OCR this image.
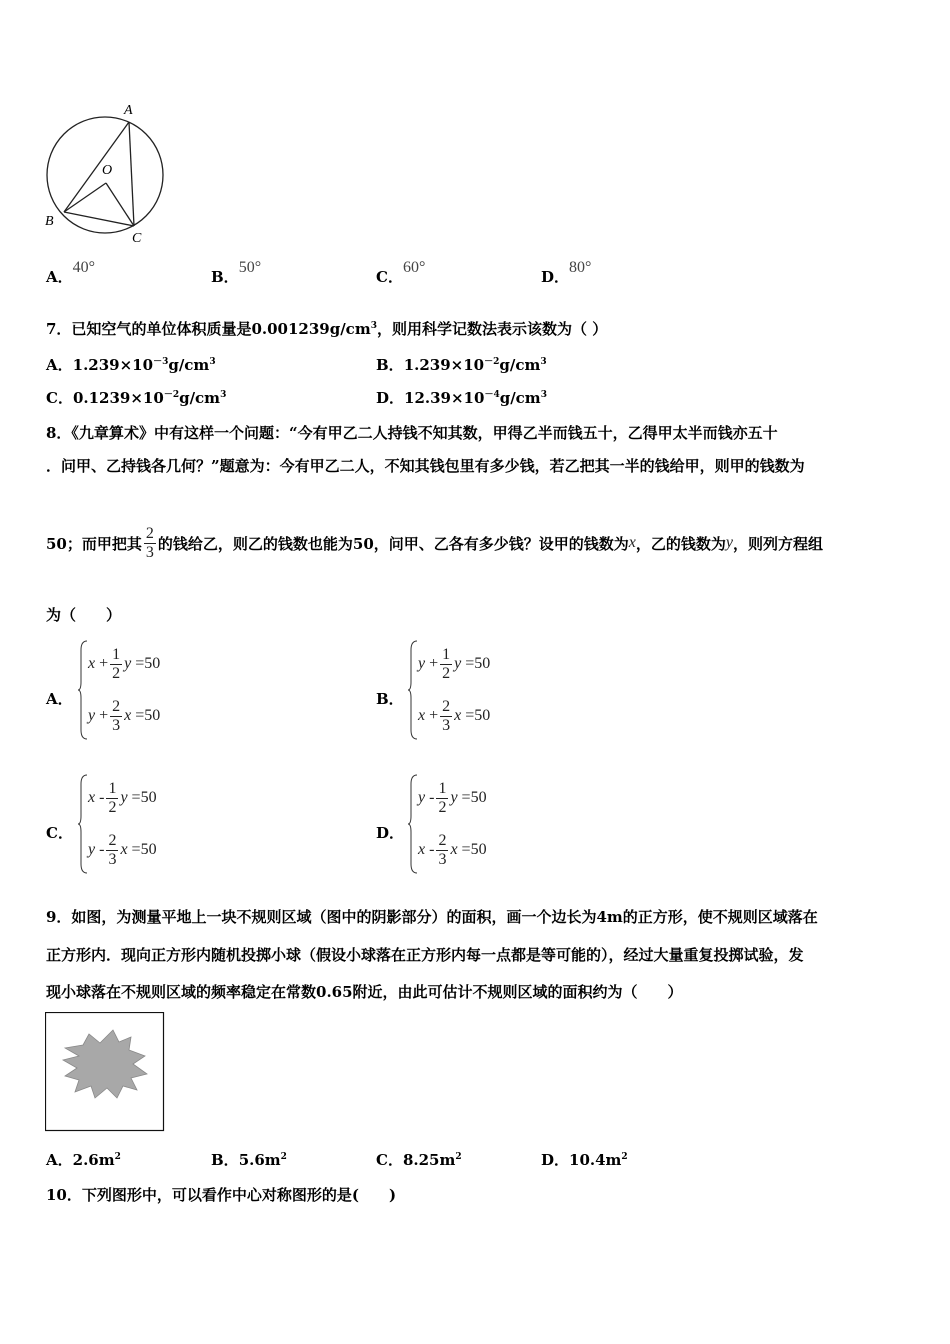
A
O
B
C
A．40°
B．50°
C．60°
D．80°
7．已知空气的单位体积质量是$0.001239g/cm^3$，则用科学记数法表示该数为（ ）
A．$1.239\times 10^{-3}g/cm^3$	B．$1.239\times 10^{-2}g/cm^3$
C．$0.1239\times 10^{-2}g/cm^3$	D．$12.39\times 10^{-4}g/cm^3$
8．《九章算术》中有这样一个问题：“今有甲乙二人持钱不知其数，甲得乙半而钱五十，乙得甲太半而钱亦五十
．问甲、乙持钱各几何？”题意为：今有甲乙二人，不知其钱包里有多少钱，若乙把其一半的钱给甲，则甲的钱数为
50；而甲把其 $\frac{2}{3}$ 的钱给乙，则乙的钱数也能为50，问甲、乙各有多少钱？设甲的钱数为 x ，乙的钱数为 y ，则列方程组
为（　　）
A．
x
+ $\frac{1}{2}$ y
=50
y
+ $\frac{2}{3}$ x
=50
B．
y
+ $\frac{1}{2}$ y
=50
x
+ $\frac{2}{3}$ x
=50
C．
x
- $\frac{1}{2}$ y
=50
y
- $\frac{2}{3}$ x
=50
D．
y
- $\frac{1}{2}$ y
=50
x
- $\frac{2}{3}$ x
=50
9．如图，为测量平地上一块不规则区域（图中的阴影部分）的面积，画一个边长为4m的正方形，使不规则区域落在
正方形内．现向正方形内随机投掷小球（假设小球落在正方形内每一点都是等可能的），经过大量重复投掷试验，发
现小球落在不规则区域的频率稳定在常数0.65附近，由此可估计不规则区域的面积约为（　　）
A．$2.6m^2$	B．$5.6m^2$	C．$8.25m^2$	D．$10.4m^2$
10．下列图形中，可以看作中心对称图形的是(　　)
